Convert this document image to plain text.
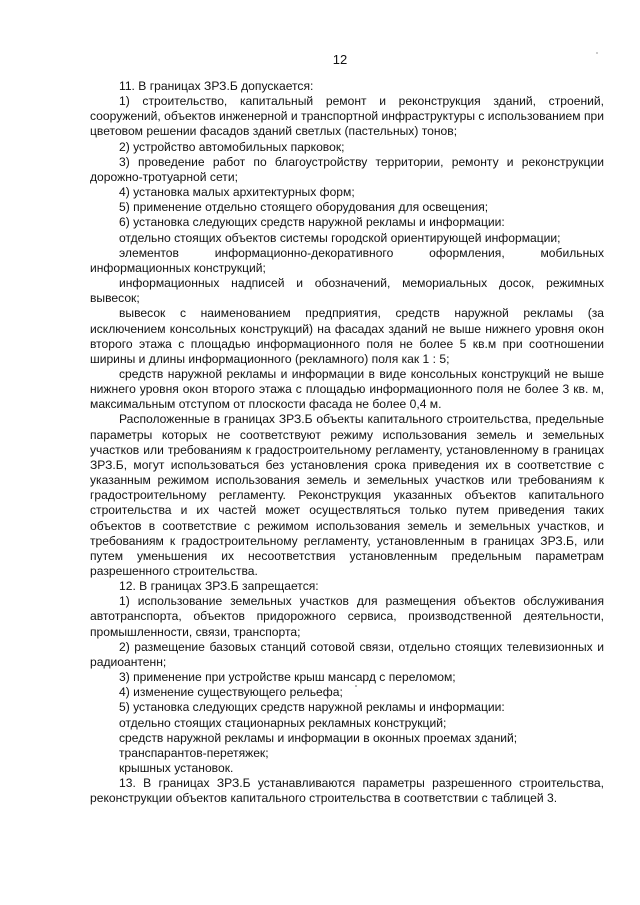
12

11. В границах ЗРЗ.Б допускается:

1) строительство, капитальный ремонт и реконструкция зданий, строений, сооружений, объектов инженерной и транспортной инфраструктуры с использованием при цветовом решении фасадов зданий светлых (пастельных) тонов;

2) устройство автомобильных парковок;

3) проведение работ по благоустройству территории, ремонту и реконструкции дорожно-тротуарной сети;

4) установка малых архитектурных форм;

5) применение отдельно стоящего оборудования для освещения;

6) установка следующих средств наружной рекламы и информации:

отдельно стоящих объектов системы городской ориентирующей информации;

элементов информационно-декоративного оформления, мобильных информационных конструкций;

информационных надписей и обозначений, мемориальных досок, режимных вывесок;

вывесок с наименованием предприятия, средств наружной рекламы (за исключением консольных конструкций) на фасадах зданий не выше нижнего уровня окон второго этажа с площадью информационного поля не более 5 кв.м при соотношении ширины и длины информационного (рекламного) поля как 1 : 5;

средств наружной рекламы и информации в виде консольных конструкций не выше нижнего уровня окон второго этажа с площадью информационного поля не более 3 кв. м, максимальным отступом от плоскости фасада не более 0,4 м.

Расположенные в границах ЗРЗ.Б объекты капитального строительства, предельные параметры которых не соответствуют режиму использования земель и земельных участков или требованиям к градостроительному регламенту, установленному в границах ЗРЗ.Б, могут использоваться без установления срока приведения их в соответствие с указанным режимом использования земель и земельных участков или требованиям к градостроительному регламенту. Реконструкция указанных объектов капитального строительства и их частей может осуществляться только путем приведения таких объектов в соответствие с режимом использования земель и земельных участков, и требованиям к градостроительному регламенту, установленным в границах ЗРЗ.Б, или путем уменьшения их несоответствия установленным предельным параметрам разрешенного строительства.

12. В границах ЗРЗ.Б запрещается:

1) использование земельных участков для размещения объектов обслуживания автотранспорта, объектов придорожного сервиса, производственной деятельности, промышленности, связи, транспорта;

2) размещение базовых станций сотовой связи, отдельно стоящих телевизионных и радиоантенн;

3) применение при устройстве крыш мансард с переломом;

4) изменение существующего рельефа;

5) установка следующих средств наружной рекламы и информации:

отдельно стоящих стационарных рекламных конструкций;

средств наружной рекламы и информации в оконных проемах зданий;

транспарантов-перетяжек;

крышных установок.

13. В границах ЗРЗ.Б устанавливаются параметры разрешенного строительства, реконструкции объектов капитального строительства в соответствии с таблицей 3.
